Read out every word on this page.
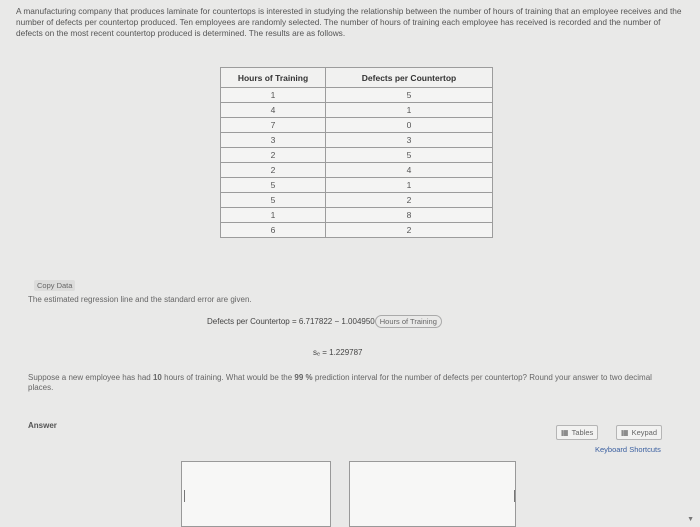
A manufacturing company that produces laminate for countertops is interested in studying the relationship between the number of hours of training that an employee receives and the number of defects per countertop produced. Ten employees are randomly selected. The number of hours of training each employee has received is recorded and the number of defects on the most recent countertop produced is determined. The results are as follows.
Hours of Training	Defects per Countertop
1	5
4	1
7	0
3	3
2	5
2	4
5	1
5	2
1	8
6	2
Copy Data
The estimated regression line and the standard error are given.
Defects per Countertop = 6.717822 − 1.004950 Hours of Training
sₑ = 1.229787
Suppose a new employee has had 10 hours of training. What would be the 99 % prediction interval for the number of defects per countertop? Round your answer to two decimal places.
Answer
▦ Tables	▦ Keypad
Keyboard Shortcuts
▼
